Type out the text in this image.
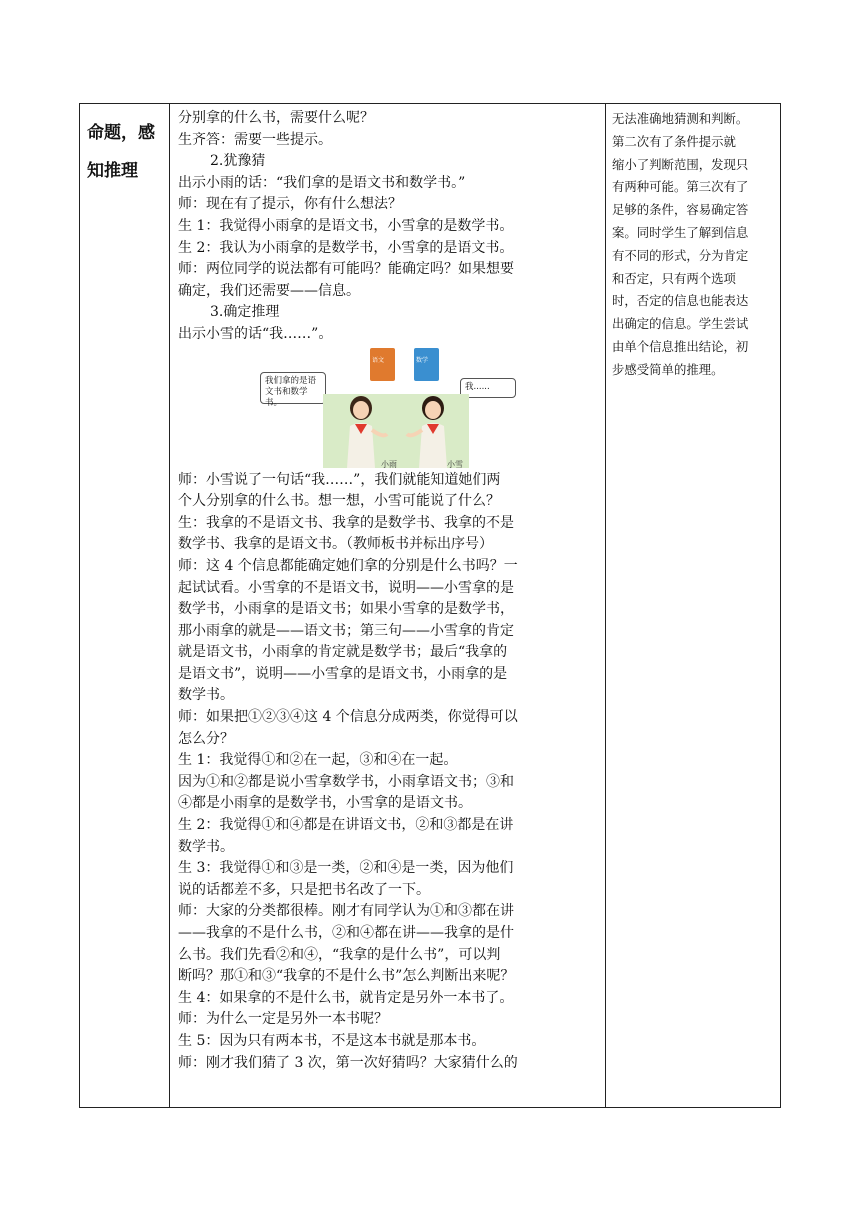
命题，感
知推理

分别拿的什么书，需要什么呢？

生齐答：需要一些提示。

2.犹豫猜

出示小雨的话：“我们拿的是语文书和数学书。”

师：现在有了提示，你有什么想法？

生 1：我觉得小雨拿的是语文书，小雪拿的是数学书。

生 2：我认为小雨拿的是数学书，小雪拿的是语文书。

师：两位同学的说法都有可能吗？能确定吗？如果想要

确定，我们还需要——信息。

3.确定推理

出示小雪的话“我……”。

语文	数学
我们拿的是语文书和数学书。
我......
小雨	小雪

师：小雪说了一句话“我……”，我们就能知道她们两

个人分别拿的什么书。想一想，小雪可能说了什么？

生：我拿的不是语文书、我拿的是数学书、我拿的不是

数学书、我拿的是语文书。（教师板书并标出序号）

师：这 4 个信息都能确定她们拿的分别是什么书吗？一

起试试看。小雪拿的不是语文书，说明——小雪拿的是

数学书，小雨拿的是语文书；如果小雪拿的是数学书，

那小雨拿的就是——语文书；第三句——小雪拿的肯定

就是语文书，小雨拿的肯定就是数学书；最后“我拿的

是语文书”，说明——小雪拿的是语文书，小雨拿的是

数学书。

师：如果把①②③④这 4 个信息分成两类，你觉得可以

怎么分？

生 1：我觉得①和②在一起，③和④在一起。

因为①和②都是说小雪拿数学书，小雨拿语文书；③和

④都是小雨拿的是数学书，小雪拿的是语文书。

生 2：我觉得①和④都是在讲语文书，②和③都是在讲

数学书。

生 3：我觉得①和③是一类，②和④是一类，因为他们

说的话都差不多，只是把书名改了一下。

师：大家的分类都很棒。刚才有同学认为①和③都在讲

——我拿的不是什么书，②和④都在讲——我拿的是什

么书。我们先看②和④，“我拿的是什么书”，可以判

断吗？那①和③“我拿的不是什么书”怎么判断出来呢？

生 4：如果拿的不是什么书，就肯定是另外一本书了。

师：为什么一定是另外一本书呢？

生 5：因为只有两本书，不是这本书就是那本书。

师：刚才我们猜了 3 次，第一次好猜吗？大家猜什么的

无法准确地猜测和判断。

第二次有了条件提示就

缩小了判断范围，发现只

有两种可能。第三次有了

足够的条件，容易确定答

案。同时学生了解到信息

有不同的形式，分为肯定

和否定，只有两个选项

时，否定的信息也能表达

出确定的信息。学生尝试

由单个信息推出结论，初

步感受简单的推理。
